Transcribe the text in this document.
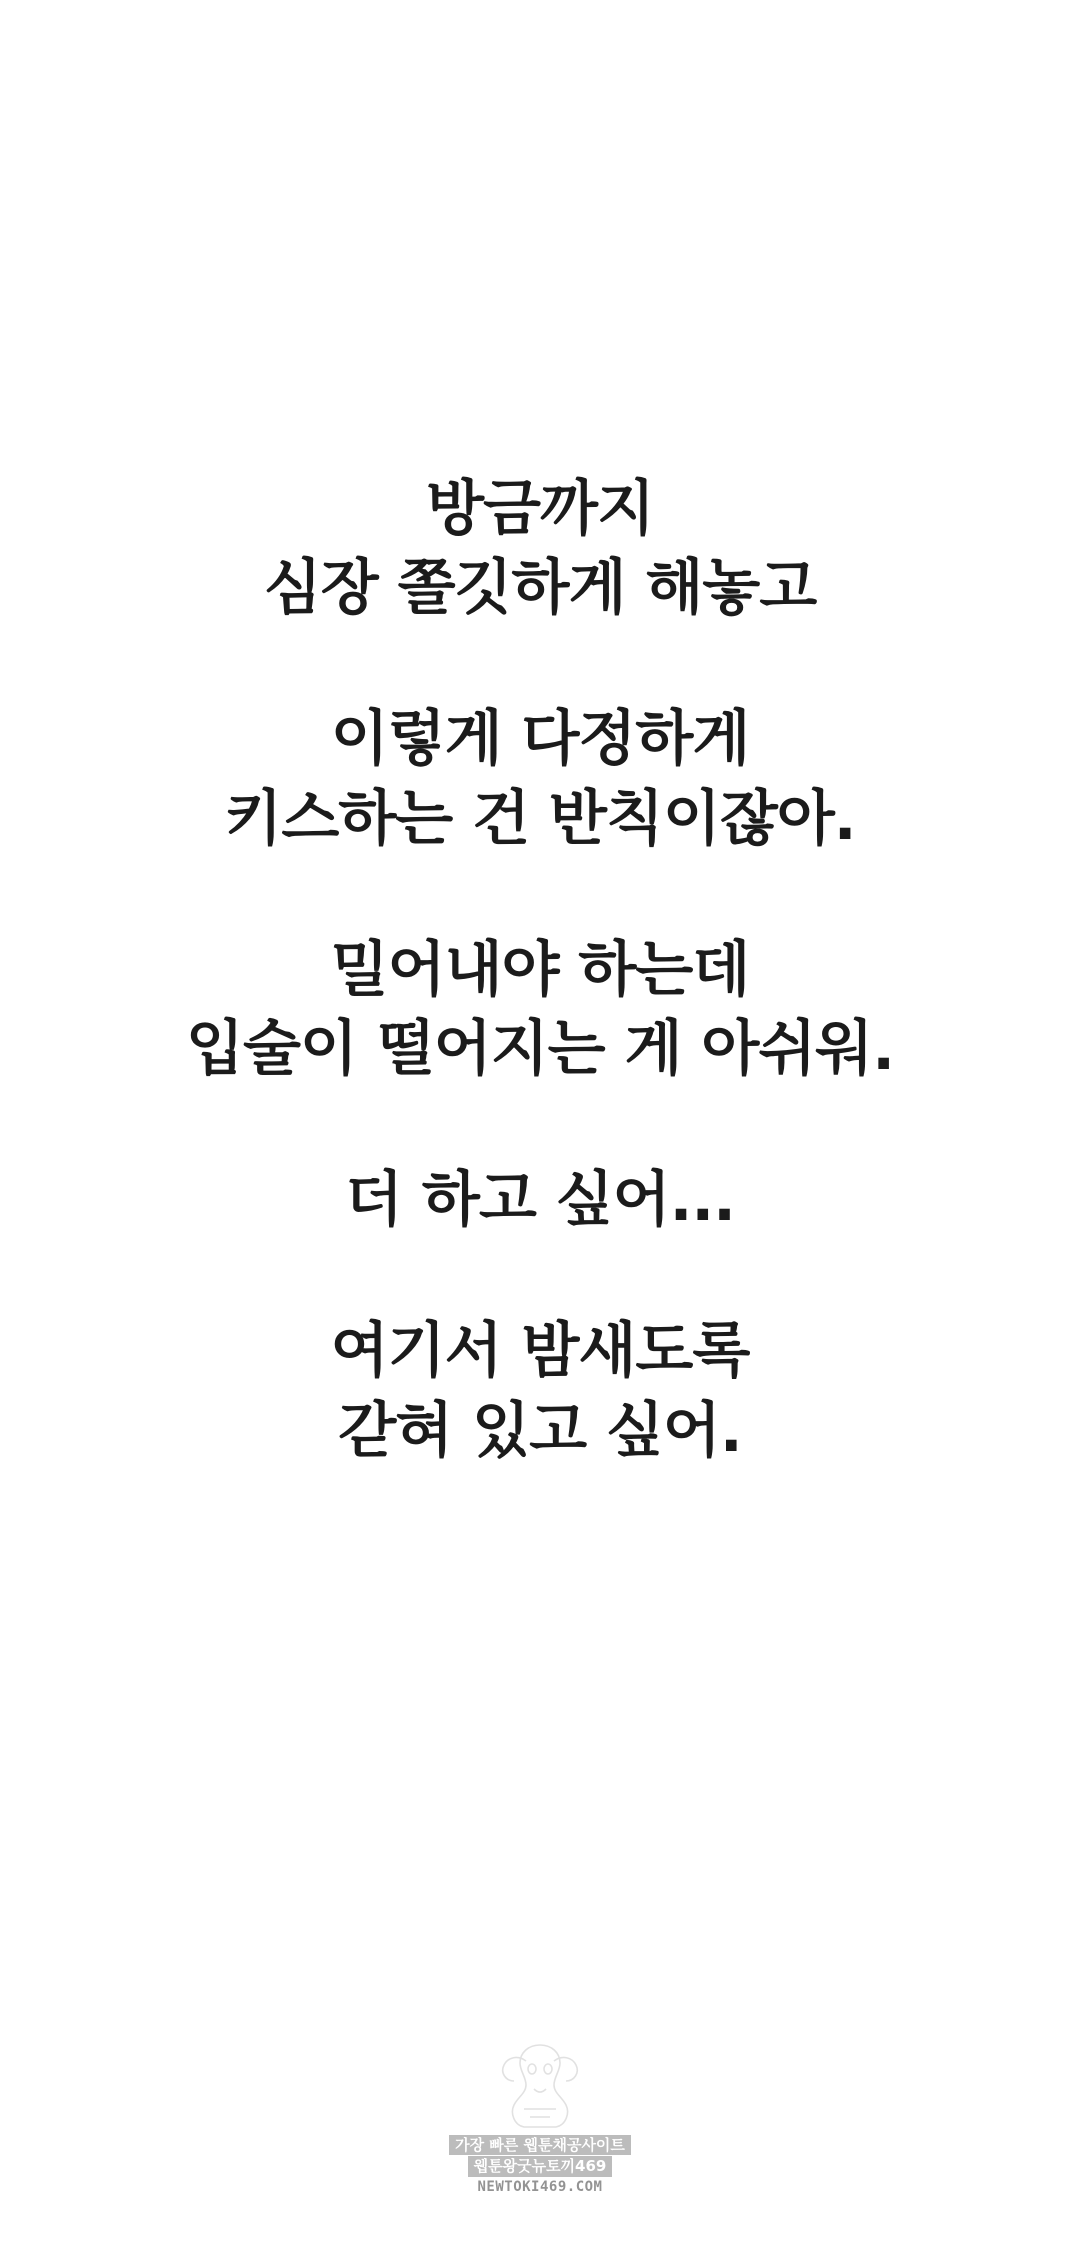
방금까지
심장 쫄깃하게 해놓고
이렇게 다정하게
키스하는 건 반칙이잖아.
밀어내야 하는데
입술이 떨어지는 게 아쉬워.
더 하고 싶어...
여기서 밤새도록
갇혀 있고 싶어.
가장 빠른 웹툰채공사이트
웹툰왕굿뉴토끼469
NEWTOKI469.COM
